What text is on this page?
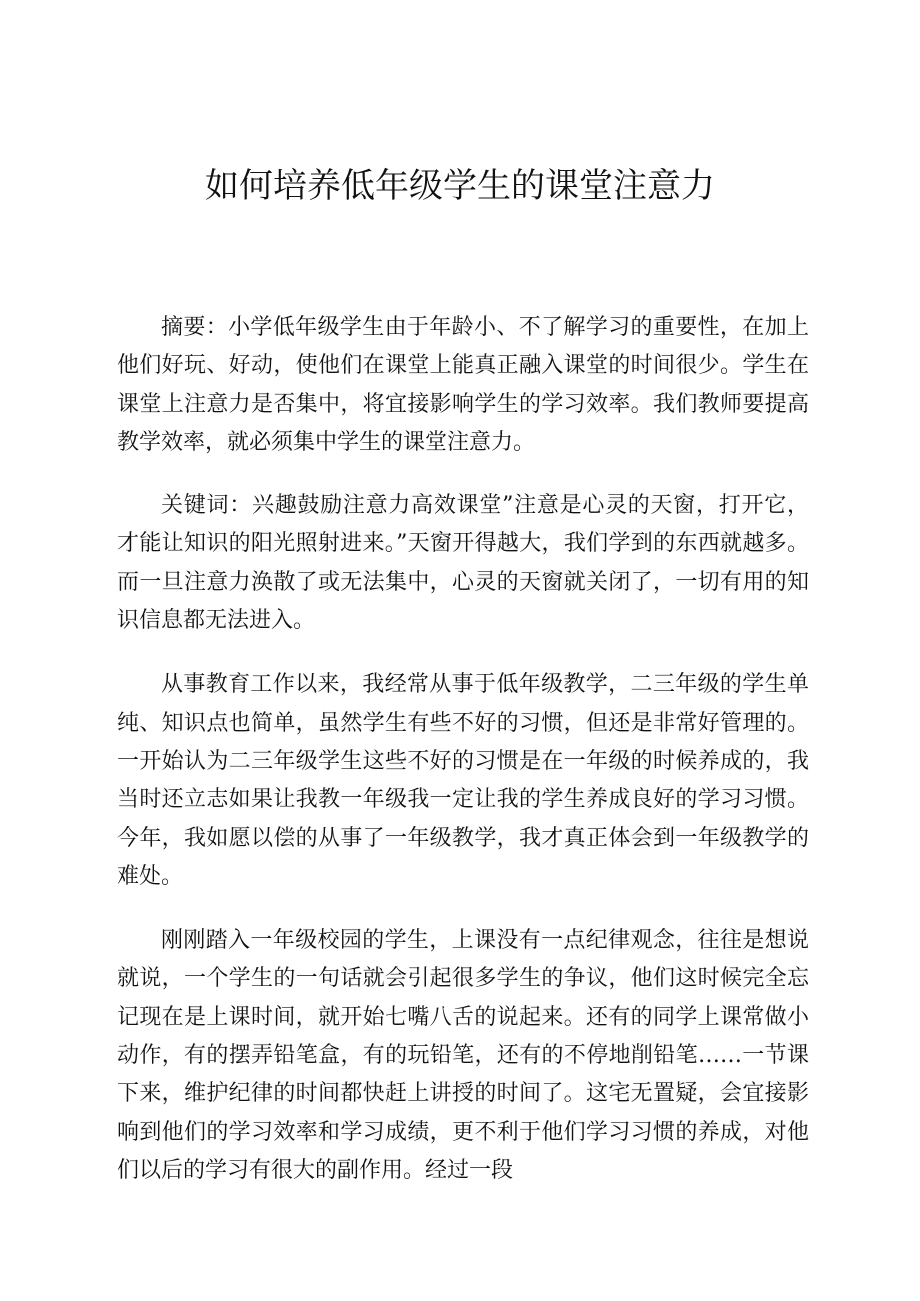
如何培养低年级学生的课堂注意力

摘要：小学低年级学生由于年龄小、不了解学习的重要性，在加上他们好玩、好动，使他们在课堂上能真正融入课堂的时间很少。学生在课堂上注意力是否集中，将宜接影响学生的学习效率。我们教师要提高教学效率，就必须集中学生的课堂注意力。

关键词：兴趣鼓励注意力高效课堂”注意是心灵的天窗，打开它，才能让知识的阳光照射进来。”天窗开得越大，我们学到的东西就越多。而一旦注意力涣散了或无法集中，心灵的天窗就关闭了，一切有用的知识信息都无法进入。

从事教育工作以来，我经常从事于低年级教学，二三年级的学生单纯、知识点也简单，虽然学生有些不好的习惯，但还是非常好管理的。一开始认为二三年级学生这些不好的习惯是在一年级的时候养成的，我当时还立志如果让我教一年级我一定让我的学生养成良好的学习习惯。今年，我如愿以偿的从事了一年级教学，我才真正体会到一年级教学的难处。

刚刚踏入一年级校园的学生，上课没有一点纪律观念，往往是想说就说，一个学生的一句话就会引起很多学生的争议，他们这时候完全忘记现在是上课时间，就开始七嘴八舌的说起来。还有的同学上课常做小动作，有的摆弄铅笔盒，有的玩铅笔，还有的不停地削铅笔……一节课下来，维护纪律的时间都快赶上讲授的时间了。这宅无置疑，会宜接影响到他们的学习效率和学习成绩，更不利于他们学习习惯的养成，对他们以后的学习有很大的副作用。经过一段
